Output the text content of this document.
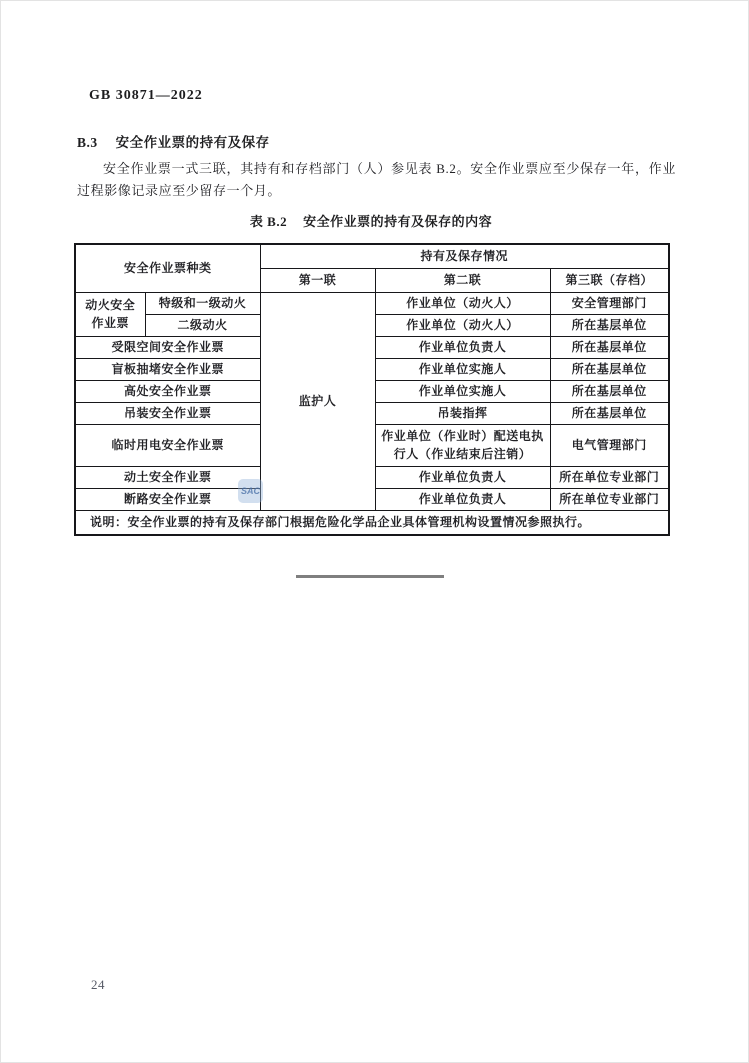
GB 30871—2022
B.3 安全作业票的持有及保存

安全作业票一式三联，其持有和存档部门（人）参见表 B.2。安全作业票应至少保存一年，作业过程影像记录应至少留存一个月。

表 B.2 安全作业票的持有及保存的内容
安全作业票种类		持有及保存情况		
		第一联	第二联	第三联（存档）
动火安全作业票	特级和一级动火	监护人	作业单位（动火人）	安全管理部门
	二级动火		作业单位（动火人）	所在基层单位
受限空间安全作业票			作业单位负责人	所在基层单位
盲板抽堵安全作业票			作业单位实施人	所在基层单位
高处安全作业票			作业单位实施人	所在基层单位
吊装安全作业票			吊装指挥	所在基层单位
临时用电安全作业票			作业单位（作业时）配送电执行人（作业结束后注销）	电气管理部门
动土安全作业票			作业单位负责人	所在单位专业部门
断路安全作业票			作业单位负责人	所在单位专业部门
说明：安全作业票的持有及保存部门根据危险化学品企业具体管理机构设置情况参照执行。				
SAC
24
